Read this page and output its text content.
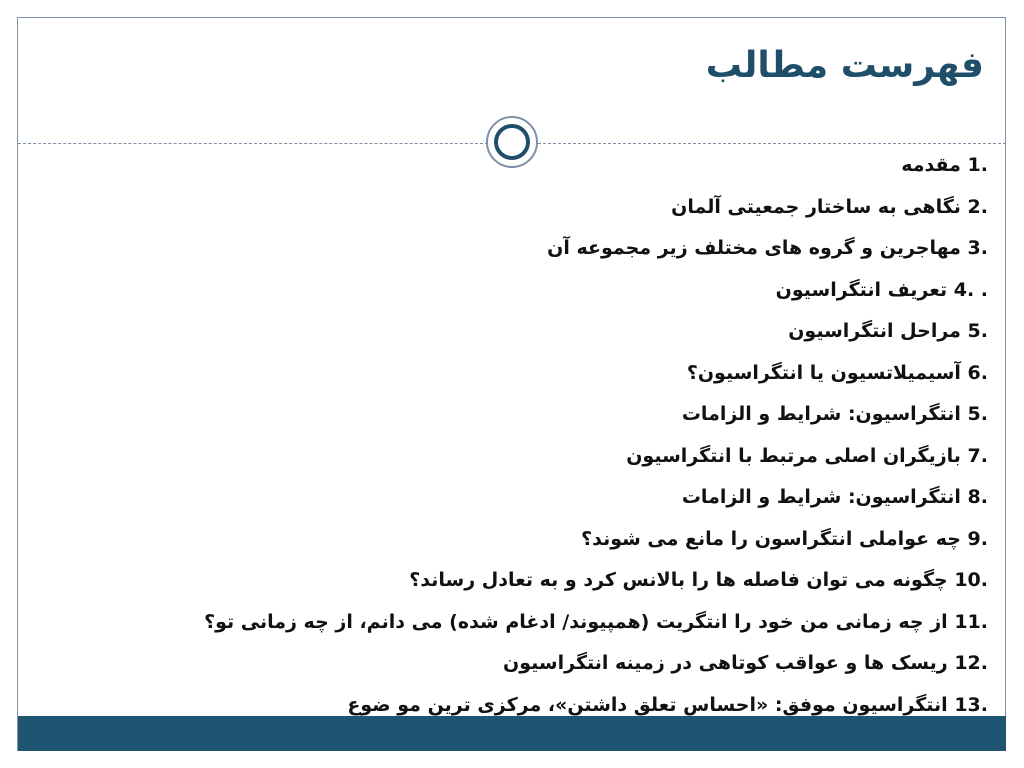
فهرست مطالب
1. مقدمه
2. نگاهی به ساختار جمعیتی آلمان
3. مهاجرین و گروه های مختلف زیر مجموعه آن
4. . تعریف انتگراسیون
5. مراحل انتگراسیون
6. آسیمیلاتسیون یا انتگراسیون؟
5. انتگراسیون: شرایط و الزامات
7. بازیگران اصلی مرتبط با انتگراسیون
8. انتگراسیون: شرایط و الزامات
9. چه عواملی انتگراسون را مانع می شوند؟
10. چگونه می توان فاصله ها را بالانس کرد و به تعادل رساند؟
11. از چه زمانی من خود را انتگریت (همپیوند/ ادغام شده) می دانم، از چه زمانی تو؟
12. ریسک ها و عواقب کوتاهی در زمینه انتگراسیون
13. انتگراسیون موفق: «احساس تعلق داشتن»، مرکزی ترین مو ضوع
